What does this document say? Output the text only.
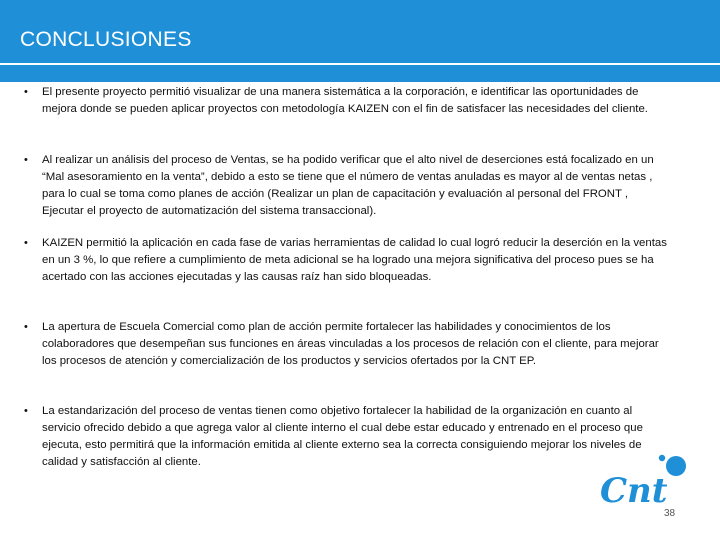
CONCLUSIONES
• El presente proyecto permitió visualizar de una manera sistemática a la corporación, e identificar las oportunidades de mejora donde se pueden aplicar proyectos con metodología KAIZEN con el fin de satisfacer las necesidades del cliente.
• Al realizar un análisis del proceso de Ventas, se ha podido verificar que el alto nivel de deserciones está focalizado en un “Mal asesoramiento en la venta”, debido a esto se tiene que el número de ventas anuladas es mayor al de ventas netas , para lo cual se toma como planes de acción (Realizar un plan de capacitación y evaluación al personal del FRONT , Ejecutar el proyecto de automatización del sistema transaccional).
• KAIZEN permitió la aplicación en cada fase de varias herramientas de calidad lo cual logró reducir la deserción en la ventas en un 3 %, lo que refiere a cumplimiento de meta adicional se ha logrado una mejora significativa del proceso pues se ha acertado con las acciones ejecutadas y las causas raíz han sido bloqueadas.
• La apertura de Escuela Comercial como plan de acción permite fortalecer las habilidades y conocimientos de los colaboradores que desempeñan sus funciones en áreas vinculadas a los procesos de relación con el cliente, para mejorar los procesos de atención y comercialización de los productos y servicios ofertados por la CNT EP.
• La estandarización del proceso de ventas tienen como objetivo fortalecer la habilidad de la organización en cuanto al servicio ofrecido debido a que agrega valor al cliente interno el cual debe estar educado y entrenado en el proceso que ejecuta, esto permitirá que la información emitida al cliente externo sea la correcta consiguiendo mejorar los niveles de calidad y satisfacción al cliente.
Cnt
38
